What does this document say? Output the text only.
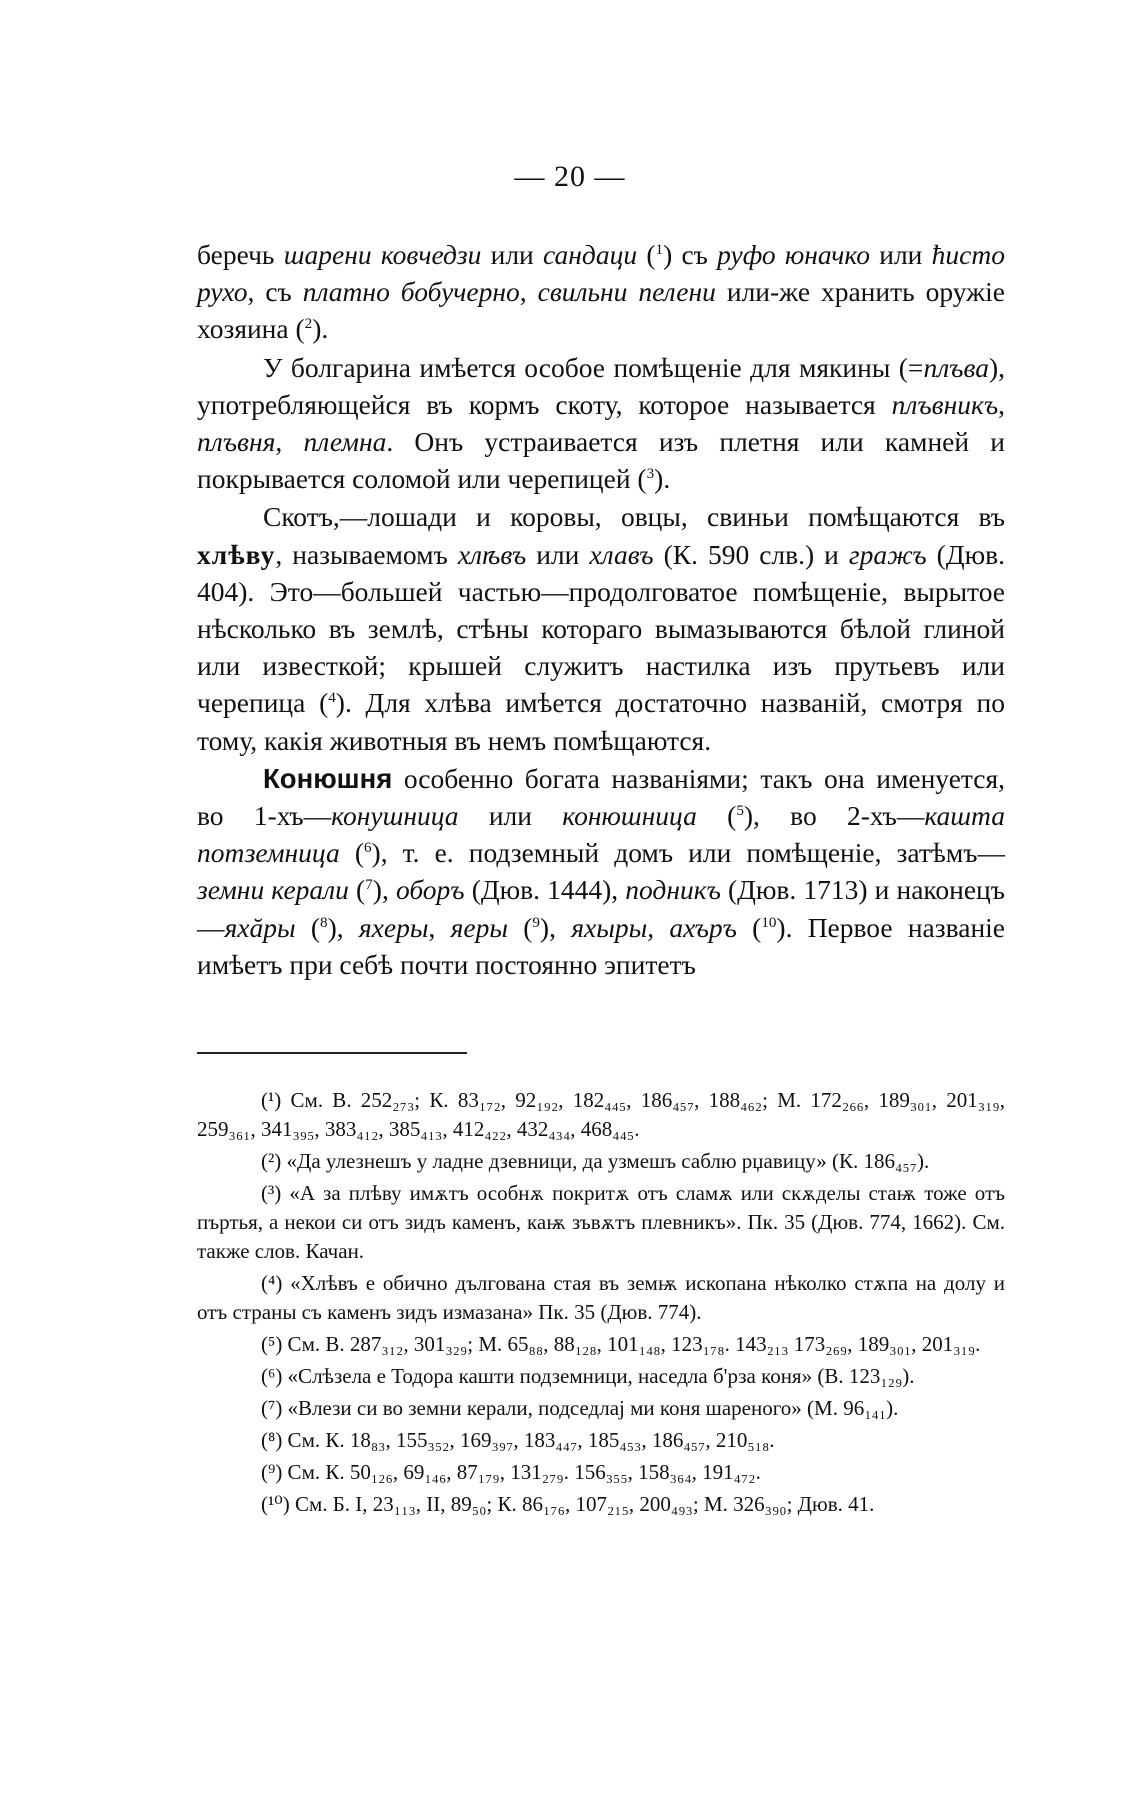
— 20 —

беречь шарени ковчедзи или сандаци ($^1$) съ руфо юначко или ћисто рухо, съ платно бобучерно, свильни пелени или-же хранить оружіе хозяина ($^2$).

У болгарина имѣется особое помѣщеніе для мякины (=плъва), употребляющейся въ кормъ скоту, которое называется плъвникъ, плъвня, племна. Онъ устраивается изъ плетня или камней и покрывается соломой или черепицей ($^3$).

Скотъ,—лошади и коровы, овцы, свиньи помѣщаются въ хлѣву, называемомъ хлѣвъ или хлавъ (К. 590 слв.) и гражъ (Дюв. 404). Это—большей частью—продолговатое помѣщеніе, вырытое нѣсколько въ землѣ, стѣны котораго вымазываются бѣлой глиной или известкой; крышей служитъ настилка изъ прутьевъ или черепица ($^4$). Для хлѣва имѣется достаточно названій, смотря по тому, какія животныя въ немъ помѣщаются.

Конюшня особенно богата названіями; такъ она именуется, во 1-хъ—конушница или конюшница ($^5$), во 2-хъ—кашта потземница ($^6$), т. е. подземный домъ или помѣщеніе, затѣмъ—земни керали ($^7$), оборъ (Дюв. 1444), подникъ (Дюв. 1713) и наконецъ—яхăры ($^8$), яхеры, яеры ($^9$), яхыры, ахъръ ($^{10}$). Первое названіе имѣетъ при себѣ почти постоянно эпитетъ

(¹) См. В. 252₂₇₃; К. 83₁₇₂, 92₁₉₂, 182₄₄₅, 186₄₅₇, 188₄₆₂; М. 172₂₆₆, 189₃₀₁, 201₃₁₉, 259₃₆₁, 341₃₉₅, 383₄₁₂, 385₄₁₃, 412₄₂₂, 432₄₃₄, 468₄₄₅.

(²) «Да улезнешъ у ладне дзевници, да узмешъ саблю рџавицу» (К. 186₄₅₇).

(³) «А за плѣву имѫтъ особнѫ покритѫ отъ сламѫ или скѫделы стаѭ тоже отъ пъртья, а некои си отъ зидъ каменъ, каѭ зъвѫтъ плевникъ». Пк. 35 (Дюв. 774, 1662). См. также слов. Качан.

(⁴) «Хлѣвъ е обично дългована стая въ земѭ ископана нѣколко стѫпа на долу и отъ страны съ каменъ зидъ измазана» Пк. 35 (Дюв. 774).

(⁵) См. В. 287₃₁₂, 301₃₂₉; М. 65₈₈, 88₁₂₈, 101₁₄₈, 123₁₇₈. 143₂₁₃ 173₂₆₉, 189₃₀₁, 201₃₁₉.

(⁶) «Слѣзела е Тодора кашти подземници, наседла б'рза коня» (В. 123₁₂₉).

(⁷) «Влези си во земни керали, подседлаj ми коня шареного» (М. 96₁₄₁).

(⁸) См. К. 18₈₃, 155₃₅₂, 169₃₉₇, 183₄₄₇, 185₄₅₃, 186₄₅₇, 210₅₁₈.

(⁹) См. К. 50₁₂₆, 69₁₄₆, 87₁₇₉, 131₂₇₉. 156₃₅₅, 158₃₆₄, 191₄₇₂.

(¹⁰) См. Б. I, 23₁₁₃, II, 89₅₀; К. 86₁₇₆, 107₂₁₅, 200₄₉₃; М. 326₃₉₀; Дюв. 41.
